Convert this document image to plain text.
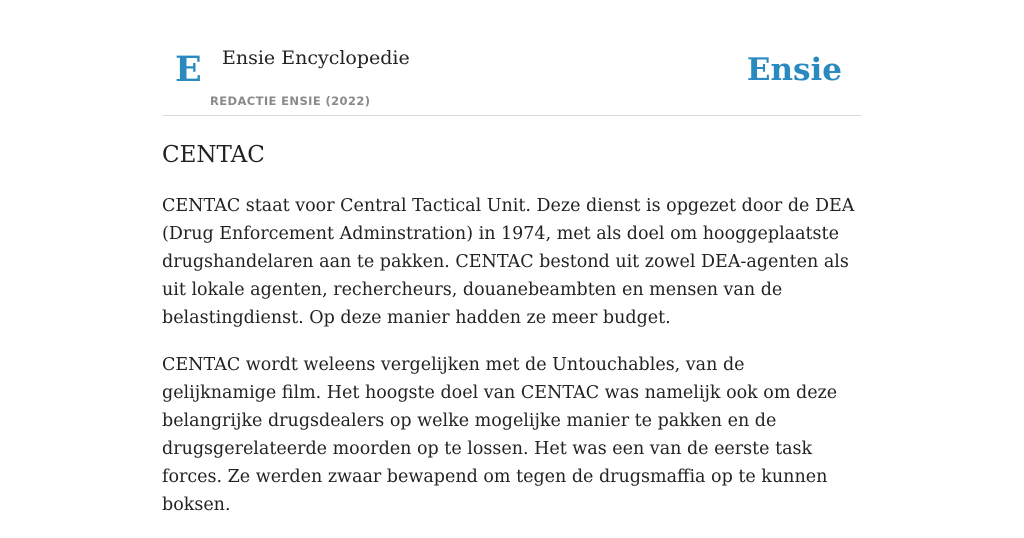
E Ensie Encyclopedie
REDACTIE ENSIE (2022)
Ensie
CENTAC

CENTAC staat voor Central Tactical Unit. Deze dienst is opgezet door de DEA (Drug Enforcement Adminstration) in 1974, met als doel om hooggeplaatste drugshandelaren aan te pakken. CENTAC bestond uit zowel DEA-agenten als uit lokale agenten, rechercheurs, douanebeambten en mensen van de belastingdienst. Op deze manier hadden ze meer budget.

CENTAC wordt weleens vergelijken met de Untouchables, van de gelijknamige film. Het hoogste doel van CENTAC was namelijk ook om deze belangrijke drugsdealers op welke mogelijke manier te pakken en de drugsgerelateerde moorden op te lossen. Het was een van de eerste task forces. Ze werden zwaar bewapend om tegen de drugsmaffia op te kunnen boksen.
